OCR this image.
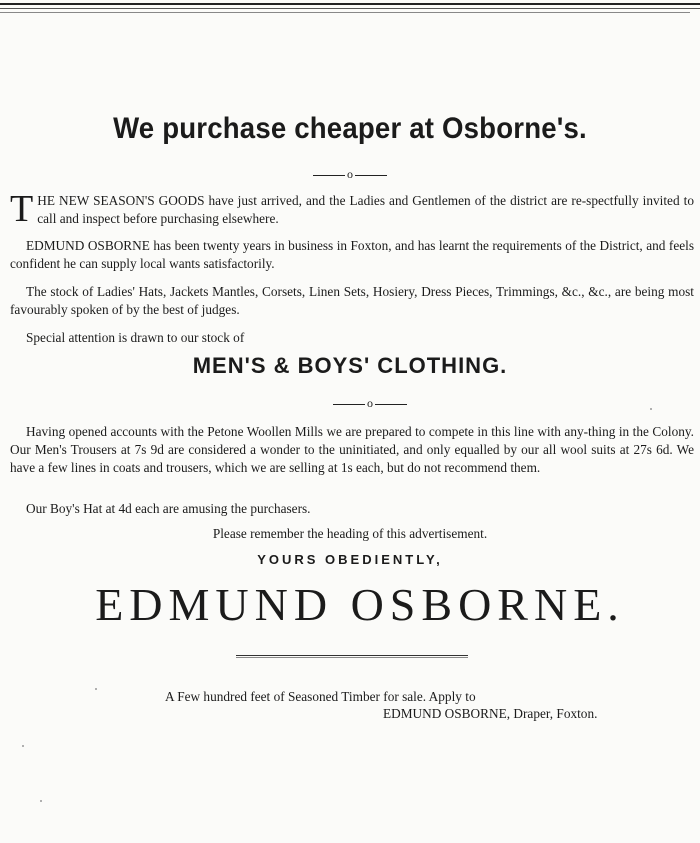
We purchase cheaper at Osborne's.
o
THE NEW SEASON'S GOODS have just arrived, and the Ladies and Gentlemen of the district are re-spectfully invited to call and inspect before purchasing elsewhere.

EDMUND OSBORNE has been twenty years in business in Foxton, and has learnt the requirements of the District, and feels confident he can supply local wants satisfactorily.

The stock of Ladies' Hats, Jackets Mantles, Corsets, Linen Sets, Hosiery, Dress Pieces, Trimmings, &c., &c., are being most favourably spoken of by the best of judges.

Special attention is drawn to our stock of

MEN'S & BOYS' CLOTHING.
o

Having opened accounts with the Petone Woollen Mills we are prepared to compete in this line with any-thing in the Colony. Our Men's Trousers at 7s 9d are considered a wonder to the uninitiated, and only equalled by our all wool suits at 27s 6d. We have a few lines in coats and trousers, which we are selling at 1s each, but do not recommend them.

Our Boy's Hat at 4d each are amusing the purchasers.

Please remember the heading of this advertisement.

YOURS OBEDIENTLY,

EDMUND OSBORNE.

A Few hundred feet of Seasoned Timber for sale. Apply to

EDMUND OSBORNE, Draper, Foxton.
